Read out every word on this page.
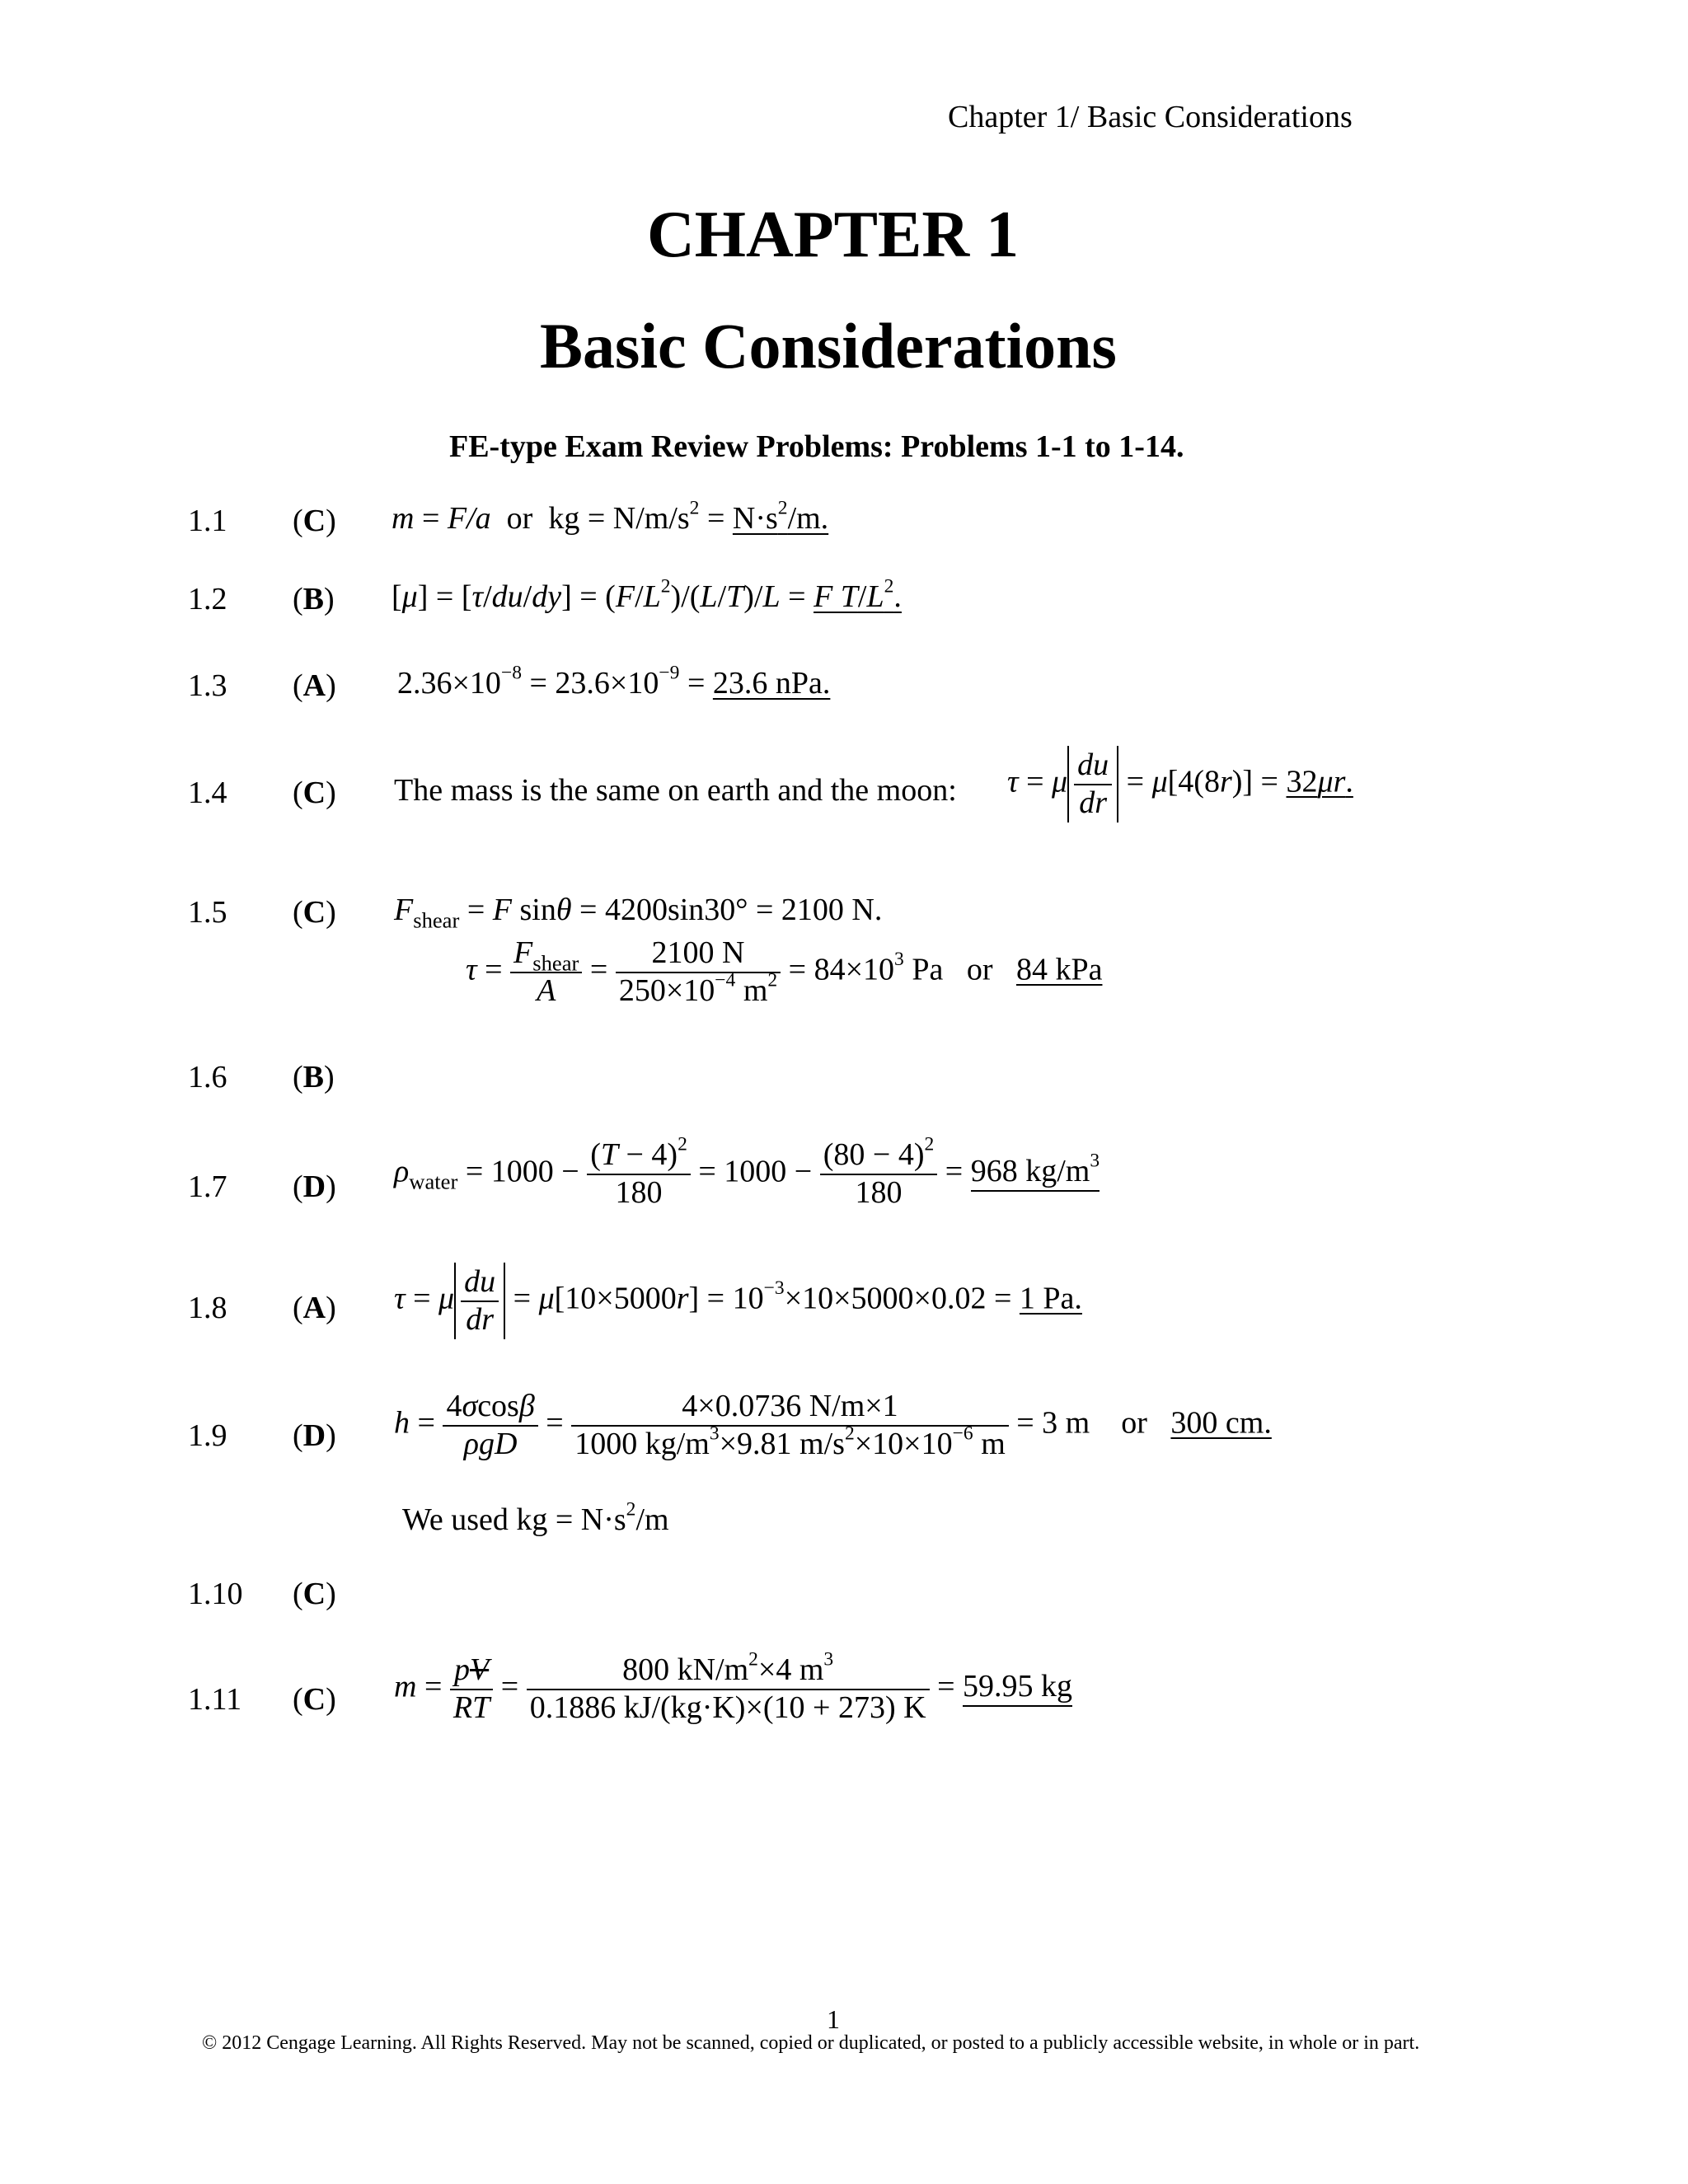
Chapter 1/ Basic Considerations
CHAPTER 1
Basic Considerations
FE-type Exam Review Problems: Problems 1-1 to 1-14.
1.1 (C) m = F/a  or  kg = $N/m/s^2 = N\cdot s^2/m$.
1.2 (B) $[\mu] = [\tau/du/dy] = (F/L^2)/(L/T)/L = F$ $T/L^2$.
1.3 (A) $2.36\times 10^{-8} = 23.6\times 10^{-9} = 23.6$ nPa.
1.4 (C) The mass is the same on earth and the moon: τ = μ $\frac{du}{dr} = \mu[4(8r)] = 32\mu r$.
1.5 (C) $F_{shear} = F$ sinθ = 4200sin30° = 2100 N.
$\tau = \frac{F_{shear}}{A} = \frac{2100 N}{250\times 10^{-4} m^2} = 84\times 10^3$ Pa   or   84 kPa
1.6 (B)
1.7 (D) $\rho_{water} = 1000 - \frac{(T - 4)^2}{180} = 1000 - \frac{(80 - 4)^2}{180} = 968$ $kg/m^3$
1.8 (A) τ = μ $\frac{du}{dr} = \mu[10\times 5000r] = 10^{-3}\times 10\times 5000\times 0.02 = 1$ Pa.
1.9 (D) $h = \frac{4\sigma\cos\beta}{\text{ρgD}} = \frac{4\times 0.0736 N/m\times 1}{1000 kg/m^3\times 9.81 m/s^2\times 10\times 10^{-6} m} = 3$ m    or   300 cm.
We used kg = $N\cdot s^2/m$
1.10 (C)
1.11 (C) $m = \frac{pV}{RT} = \frac{800 kN/m^2\times 4 m^3}{0.1886 kJ/(kg\cdot K)\times(10 + 273) K} = 59.95$ kg
1
© 2012 Cengage Learning. All Rights Reserved. May not be scanned, copied or duplicated, or posted to a publicly accessible website, in whole or in part.
